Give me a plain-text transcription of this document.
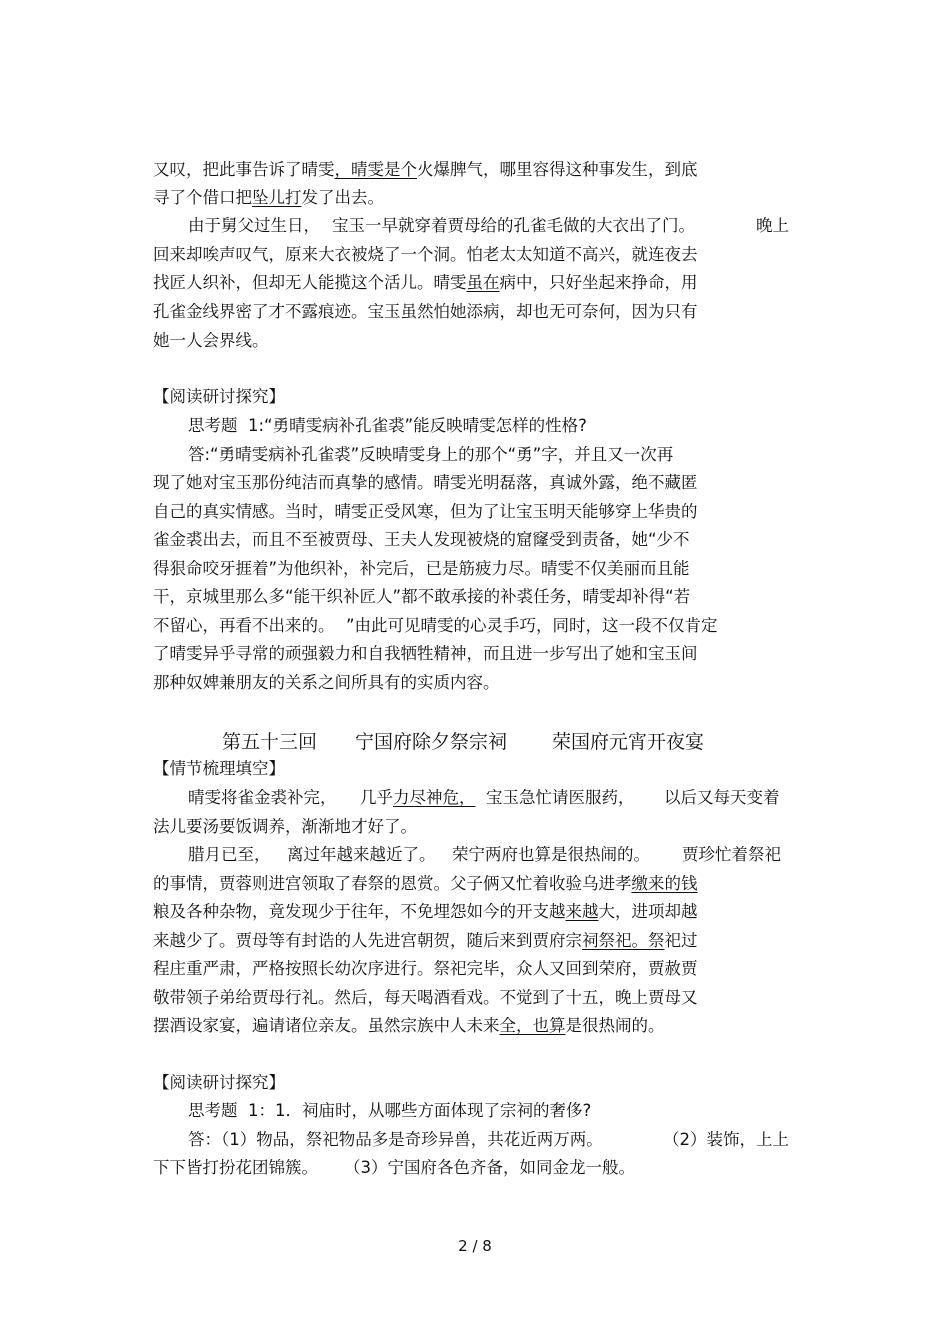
又叹，把此事告诉了晴雯，晴雯是个火爆脾气，哪里容得这种事发生，到底
寻了个借口把坠儿打发了出去。
由于舅父过生日， 宝玉一早就穿着贾母给的孔雀毛做的大衣出了门。	晚上
回来却唉声叹气，原来大衣被烧了一个洞。怕老太太知道不高兴，就连夜去
找匠人织补，但却无人能揽这个活儿。晴雯虽在病中，只好坐起来挣命，用
孔雀金线界密了才不露痕迹。宝玉虽然怕她添病，却也无可奈何，因为只有
她一人会界线。
【阅读研讨探究】
思考题  1:“勇晴雯病补孔雀裘”能反映晴雯怎样的性格?
答:“勇晴雯病补孔雀裘”反映晴雯身上的那个“勇”字，并且又一次再
现了她对宝玉那份纯洁而真挚的感情。晴雯光明磊落，真诚外露，绝不藏匿
自己的真实情感。当时，晴雯正受风寒，但为了让宝玉明天能够穿上华贵的
雀金裘出去，而且不至被贾母、王夫人发现被烧的窟窿受到责备，她“少不
得狠命咬牙捱着”为他织补，补完后，已是筋疲力尽。晴雯不仅美丽而且能
干，京城里那么多“能干织补匠人”都不敢承接的补裘任务，晴雯却补得“若
不留心，再看不出来的。 ”由此可见晴雯的心灵手巧，同时，这一段不仅肯定
了晴雯异乎寻常的顽强毅力和自我牺牲精神，而且进一步写出了她和宝玉间
那种奴婢兼朋友的关系之间所具有的实质内容。
第五十三回 宁国府除夕祭宗祠 荣国府元宵开夜宴
【情节梳理填空】
晴雯将雀金裘补完， 几乎力尽神危， 宝玉急忙请医服药， 以后又每天变着
法儿要汤要饭调养，渐渐地才好了。
腊月已至， 离过年越来越近了。 荣宁两府也算是很热闹的。 贾珍忙着祭祀
的事情，贾蓉则进宫领取了春祭的恩赏。父子俩又忙着收验乌进孝缴来的钱
粮及各种杂物，竟发现少于往年，不免埋怨如今的开支越来越大，进项却越
来越少了。贾母等有封诰的人先进宫朝贺，随后来到贾府宗祠祭祀。祭祀过
程庄重严肃，严格按照长幼次序进行。祭祀完毕，众人又回到荣府，贾赦贾
敬带领子弟给贾母行礼。然后，每天喝酒看戏。不觉到了十五，晚上贾母又
摆酒设家宴，遍请诸位亲友。虽然宗族中人未来全，也算是很热闹的。
【阅读研讨探究】
思考题  1：1．祠庙时，从哪些方面体现了宗祠的奢侈?
答：（1）物品，祭祀物品多是奇珍异兽，共花近两万两。	（2）装饰，上上
下下皆打扮花团锦簇。 （3）宁国府各色齐备，如同金龙一般。
2 / 8
